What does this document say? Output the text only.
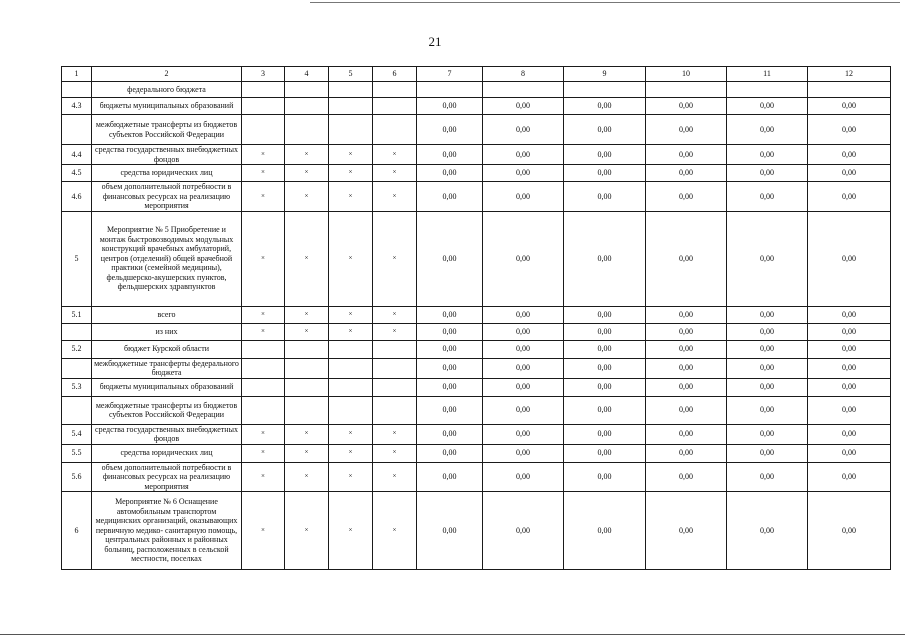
21
1	2	3	4	5	6	7	8	9	10	11	12
	федерального бюджета										
4.3	бюджеты муниципальных образований					0,00	0,00	0,00	0,00	0,00	0,00
	межбюджетные трансферты из бюджетов субъектов Российской Федерации					0,00	0,00	0,00	0,00	0,00	0,00
4.4	средства государственных внебюджетных фондов	×	×	×	×	0,00	0,00	0,00	0,00	0,00	0,00
4.5	средства юридических лиц	×	×	×	×	0,00	0,00	0,00	0,00	0,00	0,00
4.6	объем дополнительной потребности в финансовых ресурсах на реализацию мероприятия	×	×	×	×	0,00	0,00	0,00	0,00	0,00	0,00
5	Мероприятие № 5 Приобретение и монтаж быстровозводимых модульных конструкций врачебных амбулаторий, центров (отделений) общей врачебной практики (семейной медицины), фельдшерско-акушерских пунктов, фельдшерских здравпунктов	×	×	×	×	0,00	0,00	0,00	0,00	0,00	0,00
5.1	всего	×	×	×	×	0,00	0,00	0,00	0,00	0,00	0,00
	из них	×	×	×	×	0,00	0,00	0,00	0,00	0,00	0,00
5.2	бюджет Курской области					0,00	0,00	0,00	0,00	0,00	0,00
	межбюджетные трансферты федерального бюджета					0,00	0,00	0,00	0,00	0,00	0,00
5.3	бюджеты муниципальных образований					0,00	0,00	0,00	0,00	0,00	0,00
	межбюджетные трансферты из бюджетов субъектов Российской Федерации					0,00	0,00	0,00	0,00	0,00	0,00
5.4	средства государственных внебюджетных фондов	×	×	×	×	0,00	0,00	0,00	0,00	0,00	0,00
5.5	средства юридических лиц	×	×	×	×	0,00	0,00	0,00	0,00	0,00	0,00
5.6	объем дополнительной потребности в финансовых ресурсах на реализацию мероприятия	×	×	×	×	0,00	0,00	0,00	0,00	0,00	0,00
6	Мероприятие № 6 Оснащение автомобильным транспортом медицинских организаций, оказывающих первичную медико- санитарную помощь, центральных районных и районных больниц, расположенных в сельской местности, поселках	×	×	×	×	0,00	0,00	0,00	0,00	0,00	0,00
